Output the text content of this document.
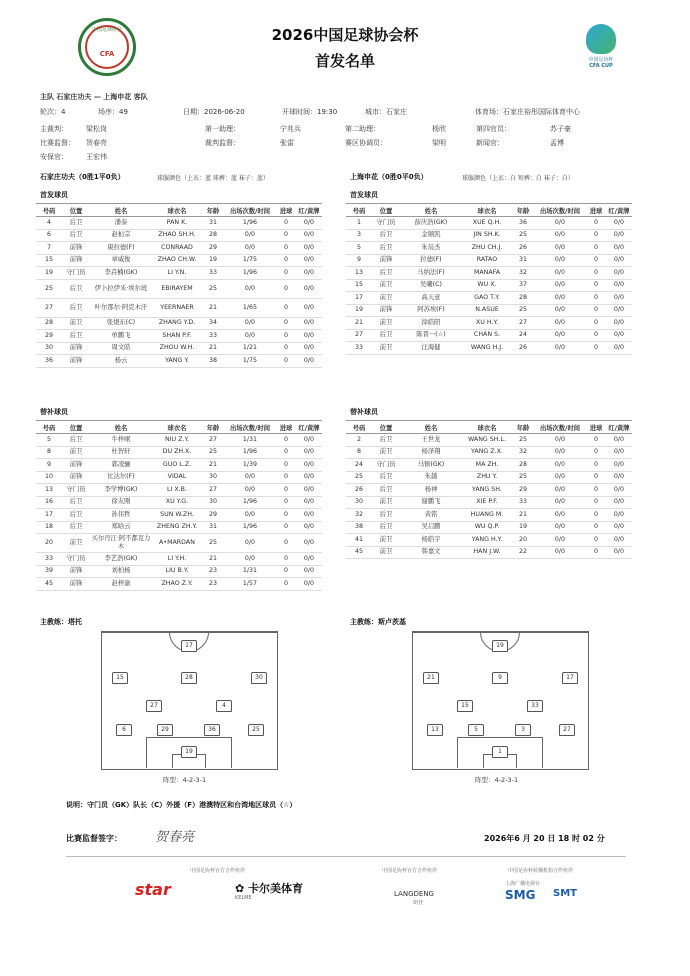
中国足球协会
CFA
2026中国足球协会杯
首发名单	中国足协杯
CFA CUP
主队 石家庄功夫 — 上海申花 客队
轮次：4	场序：49	日期：2026-06-20	开球时间：19:30	城市：石家庄	体育场：石家庄裕彤国际体育中心
主裁判：	梁松岗	第一助理：	宁兆兵	第二助理：	杨欣	第四官员：	苏子豪
比赛监督： 贺春亮	裁判监督：	张雷	赛区协调员：	梁明	新闻官：	孟博
安保官：	王宏伟
石家庄功夫（0胜1平0负）	球服颜色（上衣：蓝 球裤：蓝 袜子：蓝）
首发球员
号码	位置	姓名	球衣名	年龄	出场次数/时间	进球	红/黄牌
4	后卫	潘泰	PAN K.	31	1/96	0	0/0
6	后卫	赵桓宗	ZHAO SH.H.	28	0/0	0	0/0
7	前锋	康拉德(F)	CONRAAD	29	0/0	0	0/0
15	前锋	章威俊	ZHAO CH.W.	19	1/75	0	0/0
19	守门员	李垚楠(GK)	LI Y.N.	33	1/96	0	0/0
25	后卫	伊卜拉伊米·埃尔班	EBIRAYEM	25	0/0	0	0/0
27	后卫	叶尔那尔·阿克木汗	YEERNAER	21	1/65	0	0/0
28	前卫	张煜东(C)	ZHANG Y.D.	34	0/0	0	0/0
29	后卫	单鹏飞	SHAN P.F.	33	0/0	0	0/0
30	前锋	周文皓	ZHOU W.H.	21	1/21	0	0/0
36	前锋	杨云	YANG Y.	38	1/75	0	0/0
替补球员
号码	位置	姓名	球衣名	年龄	出场次数/时间	进球	红/黄牌
5	后卫	牛梓岷	NIU Z.Y.	27	1/31	0	0/0
8	前卫	杜智轩	DU ZH.X.	25	1/96	0	0/0
9	前锋	郭凌骊	GUO L.Z.	21	1/39	0	0/0
10	前锋	比达尔(F)	VIDAL	30	0/0	0	0/0
13	守门员	李学博(GK)	LI X.B.	27	0/0	0	0/0
16	后卫	徐友刚	XU Y.G.	30	1/96	0	0/0
17	后卫	孙伟哲	SUN W.ZH.	29	0/0	0	0/0
18	后卫	郑晗云	ZHENG ZH.Y.	31	1/96	0	0/0
20	前卫	买尔丹江·阿不都克力木	A•MARDAN	25	0/0	0	0/0
33	守门员	李艺浩(GK)	LI Y.H.	21	0/0	0	0/0
39	前锋	刘柏杨	LIU B.Y.	23	1/31	0	0/0
45	前锋	赵梓渝	ZHAO Z.Y.	23	1/57	0	0/0
上海申花（0胜0平0负）	球服颜色（上衣：白 短裤：白 袜子：白）
首发球员
号码	位置	姓名	球衣名	年龄	出场次数/时间	进球	红/黄牌
1	守门员	薛庆浩(GK)	XUE Q.H.	36	0/0	0	0/0
3	后卫	金顺凯	JIN SH.K.	25	0/0	0	0/0
5	后卫	朱辰杰	ZHU CH.J.	26	0/0	0	0/0
9	前锋	拉德(F)	RATAO	31	0/0	0	0/0
13	后卫	马纳法(F)	MANAFA	32	0/0	0	0/0
15	前卫	吴曦(C)	WU X.	37	0/0	0	0/0
17	前卫	高天意	GAO T.Y.	28	0/0	0	0/0
19	前锋	阿苏埃(F)	N.ASUE	25	0/0	0	0/0
21	前卫	徐皓阳	XU H.Y.	27	0/0	0	0/0
27	后卫	陈晋一(☆)	CHAN S.	24	0/0	0	0/0
33	前卫	汪海健	WANG H.J.	26	0/0	0	0/0
替补球员
号码	位置	姓名	球衣名	年龄	出场次数/时间	进球	红/黄牌
2	后卫	王世龙	WANG SH.L.	25	0/0	0	0/0
8	前卫	杨泽翔	YANG Z.X.	32	0/0	0	0/0
24	守门员	马镇(GK)	MA ZH.	28	0/0	0	0/0
25	后卫	朱越	ZHU Y.	25	0/0	0	0/0
26	后卫	杨神	YANG SH.	29	0/0	0	0/0
30	前卫	谢鹏飞	XIE P.F.	33	0/0	0	0/0
32	后卫	黄铭	HUANG M.	21	0/0	0	0/0
38	后卫	吴启鹏	WU Q.P.	19	0/0	0	0/0
41	前卫	杨皓宇	YANG H.Y.	20	0/0	0	0/0
45	前卫	韩嘉文	HAN J.W.	22	0/0	0	0/0
主教练：塔托	主教练：斯卢茨基
17
15	28	30
27	4
6	29	36	25
19
19
21	9	17
15	33
13	5	3	27
1
阵型：4-2-3-1	阵型：4-2-3-1
说明：守门员（GK）队长（C）外援（F）港澳特区和台湾地区球员（☆）
比赛监督签字：	贺春亮	2026年6 月 20 日 18 时 02 分
中国足协杯官方合作伙伴
star	✿ 卡尔美体育
KELME
中国足协杯官方合作伙伴
LANGDENG
朗登
中国足协杯转播机构合作伙伴
SMG SMT
上海广播电视台
